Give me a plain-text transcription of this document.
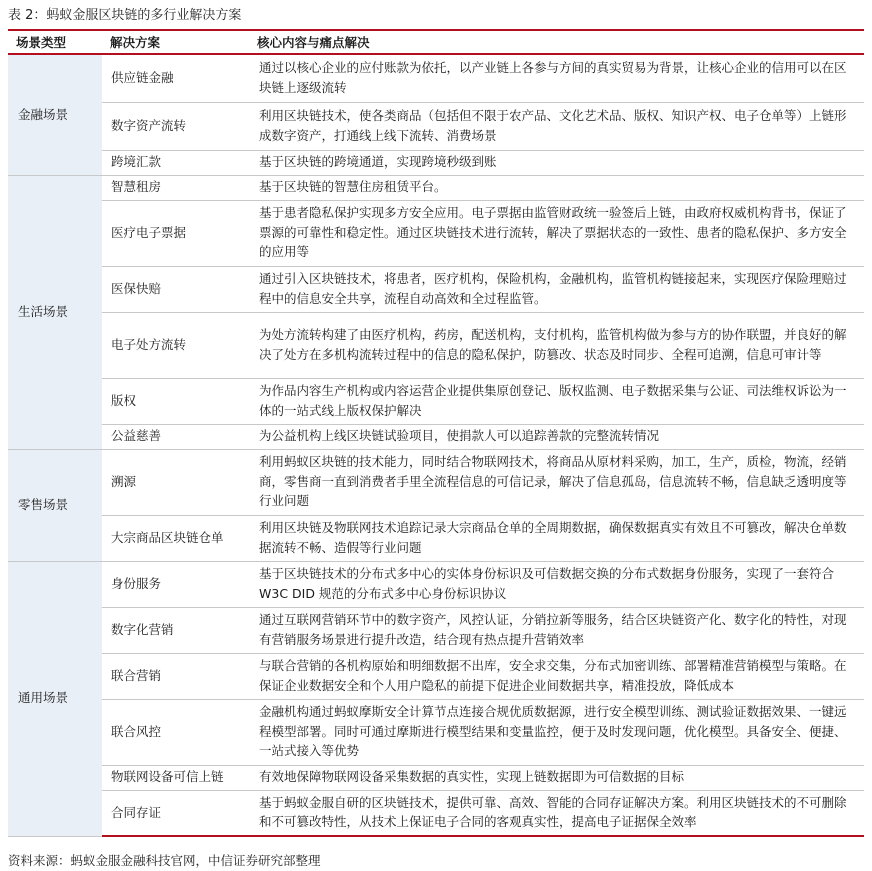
表 2：蚂蚁金服区块链的多行业解决方案
场景类型	解决方案	核心内容与痛点解决
金融场景	供应链金融	通过以核心企业的应付账款为依托，以产业链上各参与方间的真实贸易为背景，让核心企业的信用可以在区块链上逐级流转
	数字资产流转	利用区块链技术，使各类商品（包括但不限于农产品、文化艺术品、版权、知识产权、电子仓单等）上链形成数字资产，打通线上线下流转、消费场景
	跨境汇款	基于区块链的跨境通道，实现跨境秒级到账
生活场景	智慧租房	基于区块链的智慧住房租赁平台。
	医疗电子票据	基于患者隐私保护实现多方安全应用。电子票据由监管财政统一验签后上链，由政府权威机构背书，保证了票源的可靠性和稳定性。通过区块链技术进行流转，解决了票据状态的一致性、患者的隐私保护、多方安全的应用等
	医保快赔	通过引入区块链技术，将患者，医疗机构，保险机构，金融机构，监管机构链接起来，实现医疗保险理赔过程中的信息安全共享，流程自动高效和全过程监管。
	电子处方流转	为处方流转构建了由医疗机构，药房，配送机构，支付机构，监管机构做为参与方的协作联盟，并良好的解决了处方在多机构流转过程中的信息的隐私保护，防篡改、状态及时同步、全程可追溯，信息可审计等
	版权	为作品内容生产机构或内容运营企业提供集原创登记、版权监测、电子数据采集与公证、司法维权诉讼为一体的一站式线上版权保护解决
	公益慈善	为公益机构上线区块链试验项目，使捐款人可以追踪善款的完整流转情况
零售场景	溯源	利用蚂蚁区块链的技术能力，同时结合物联网技术，将商品从原材料采购，加工，生产，质检，物流，经销商，零售商一直到消费者手里全流程信息的可信记录，解决了信息孤岛，信息流转不畅，信息缺乏透明度等行业问题
	大宗商品区块链仓单	利用区块链及物联网技术追踪记录大宗商品仓单的全周期数据，确保数据真实有效且不可篡改，解决仓单数据流转不畅、造假等行业问题
通用场景	身份服务	基于区块链技术的分布式多中心的实体身份标识及可信数据交换的分布式数据身份服务，实现了一套符合 W3C DID 规范的分布式多中心身份标识协议
	数字化营销	通过互联网营销环节中的数字资产，风控认证，分销拉新等服务，结合区块链资产化、数字化的特性，对现有营销服务场景进行提升改造，结合现有热点提升营销效率
	联合营销	与联合营销的各机构原始和明细数据不出库，安全求交集，分布式加密训练、部署精准营销模型与策略。在保证企业数据安全和个人用户隐私的前提下促进企业间数据共享，精准投放，降低成本
	联合风控	金融机构通过蚂蚁摩斯安全计算节点连接合规优质数据源，进行安全模型训练、测试验证数据效果、一键远程模型部署。同时可通过摩斯进行模型结果和变量监控，便于及时发现问题，优化模型。具备安全、便捷、一站式接入等优势
	物联网设备可信上链	有效地保障物联网设备采集数据的真实性，实现上链数据即为可信数据的目标
	合同存证	基于蚂蚁金服自研的区块链技术，提供可靠、高效、智能的合同存证解决方案。利用区块链技术的不可删除和不可篡改特性，从技术上保证电子合同的客观真实性，提高电子证据保全效率
资料来源：蚂蚁金服金融科技官网，中信证券研究部整理
